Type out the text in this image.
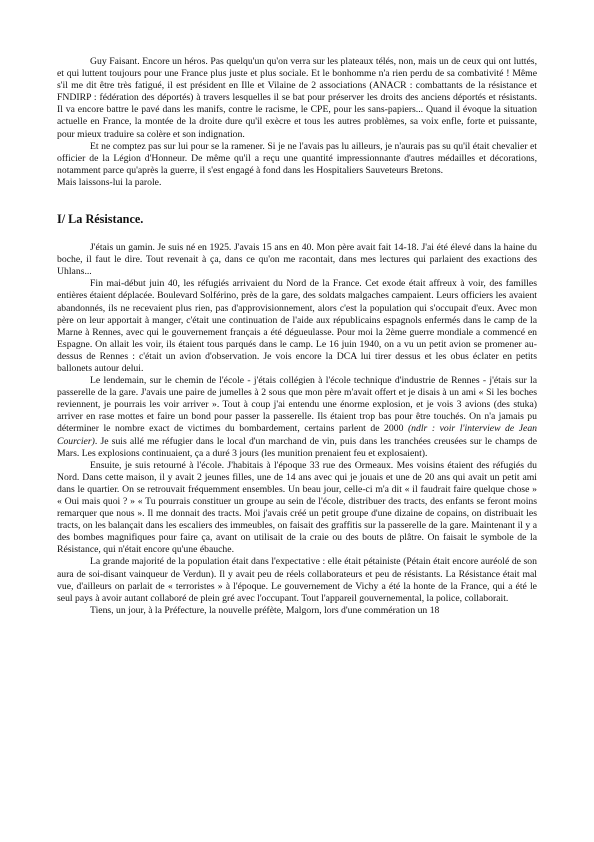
Guy Faisant. Encore un héros. Pas quelqu'un qu'on verra sur les plateaux télés, non, mais un de ceux qui ont luttés, et qui luttent toujours pour une France plus juste et plus sociale. Et le bonhomme n'a rien perdu de sa combativité ! Même s'il me dit être très fatigué, il est président en Ille et Vilaine de 2 associations (ANACR : combattants de la résistance et FNDIRP : fédération des déportés) à travers lesquelles il se bat pour préserver les droits des anciens déportés et résistants. Il va encore battre le pavé dans les manifs, contre le racisme, le CPE, pour les sans-papiers... Quand il évoque la situation actuelle en France, la montée de la droite dure qu'il exècre et tous les autres problèmes, sa voix enfle, forte et puissante, pour mieux traduire sa colère et son indignation.

Et ne comptez pas sur lui pour se la ramener. Si je ne l'avais pas lu ailleurs, je n'aurais pas su qu'il était chevalier et officier de la Légion d'Honneur. De même qu'il a reçu une quantité impressionnante d'autres médailles et décorations, notamment parce qu'après la guerre, il s'est engagé à fond dans les Hospitaliers Sauveteurs Bretons.

Mais laissons-lui la parole.

I/ La Résistance.

J'étais un gamin. Je suis né en 1925. J'avais 15 ans en 40. Mon père avait fait 14-18. J'ai été élevé dans la haine du boche, il faut le dire. Tout revenait à ça, dans ce qu'on me racontait, dans mes lectures qui parlaient des exactions des Uhlans...

Fin mai-début juin 40, les réfugiés arrivaient du Nord de la France. Cet exode était affreux à voir, des familles entières étaient déplacée. Boulevard Solférino, près de la gare, des soldats malgaches campaient. Leurs officiers les avaient abandonnés, ils ne recevaient plus rien, pas d'approvisionnement, alors c'est la population qui s'occupait d'eux. Avec mon père on leur apportait à manger, c'était une continuation de l'aide aux républicains espagnols enfermés dans le camp de la Marne à Rennes, avec qui le gouvernement français a été dégueulasse. Pour moi la 2ème guerre mondiale a commencé en Espagne. On allait les voir, ils étaient tous parqués dans le camp. Le 16 juin 1940, on a vu un petit avion se promener au-dessus de Rennes : c'était un avion d'observation. Je vois encore la DCA lui tirer dessus et les obus éclater en petits ballonets autour delui.

Le lendemain, sur le chemin de l'école - j'étais collégien à l'école technique d'industrie de Rennes - j'étais sur la passerelle de la gare. J'avais une paire de jumelles à 2 sous que mon père m'avait offert et je disais à un ami « Si les boches reviennent, je pourrais les voir arriver ». Tout à coup j'ai entendu une énorme explosion, et je vois 3 avions (des stuka) arriver en rase mottes et faire un bond pour passer la passerelle. Ils étaient trop bas pour être touchés. On n'a jamais pu déterminer le nombre exact de victimes du bombardement, certains parlent de 2000 (ndlr : voir l'interview de Jean Courcier). Je suis allé me réfugier dans le local d'un marchand de vin, puis dans les tranchées creusées sur le champs de Mars. Les explosions continuaient, ça a duré 3 jours (les munition prenaient feu et explosaient).

Ensuite, je suis retourné à l'école. J'habitais à l'époque 33 rue des Ormeaux. Mes voisins étaient des réfugiés du Nord. Dans cette maison, il y avait 2 jeunes filles, une de 14 ans avec qui je jouais et une de 20 ans qui avait un petit ami dans le quartier. On se retrouvait fréquemment ensembles. Un beau jour, celle-ci m'a dit « il faudrait faire quelque chose » « Oui mais quoi ? » « Tu pourrais constituer un groupe au sein de l'école, distribuer des tracts, des enfants se feront moins remarquer que nous ». Il me donnait des tracts. Moi j'avais créé un petit groupe d'une dizaine de copains, on distribuait les tracts, on les balançait dans les escaliers des immeubles, on faisait des graffitis sur la passerelle de la gare. Maintenant il y a des bombes magnifiques pour faire ça, avant on utilisait de la craie ou des bouts de plâtre. On faisait le symbole de la Résistance, qui n'était encore qu'une ébauche.

La grande majorité de la population était dans l'expectative : elle était pétainiste (Pétain était encore auréolé de son aura de soi-disant vainqueur de Verdun). Il y avait peu de réels collaborateurs et peu de résistants. La Résistance était mal vue, d'ailleurs on parlait de « terroristes » à l'époque. Le gouvernement de Vichy a été la honte de la France, qui a été le seul pays à avoir autant collaboré de plein gré avec l'occupant. Tout l'appareil gouvernemental, la police, collaborait.

Tiens, un jour, à la Préfecture, la nouvelle préfète, Malgorn, lors d'une commération un 18
